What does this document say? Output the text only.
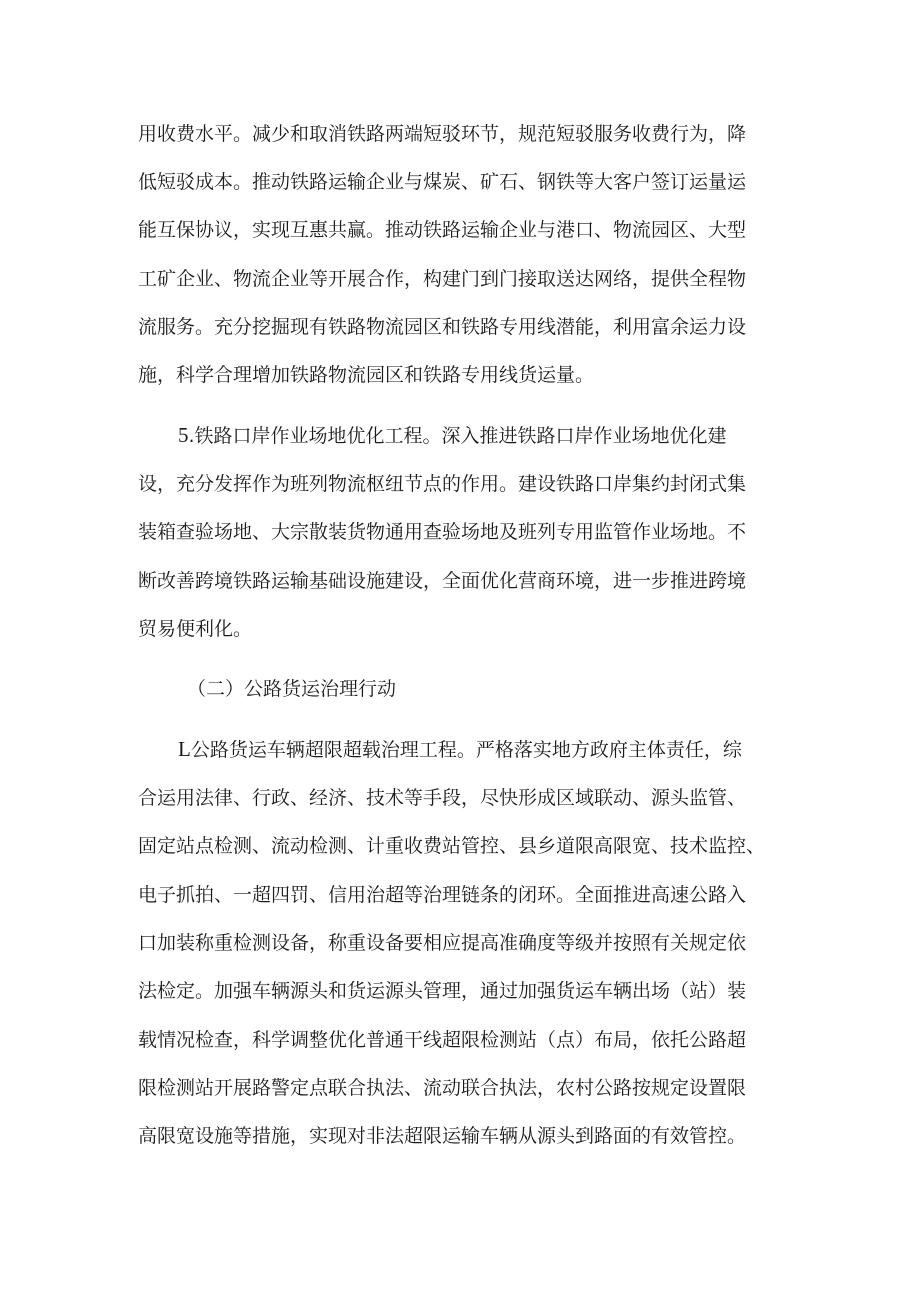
用收费水平。减少和取消铁路两端短驳环节，规范短驳服务收费行为，降

低短驳成本。推动铁路运输企业与煤炭、矿石、钢铁等大客户签订运量运

能互保协议，实现互惠共赢。推动铁路运输企业与港口、物流园区、大型

工矿企业、物流企业等开展合作，构建门到门接取送达网络，提供全程物

流服务。充分挖掘现有铁路物流园区和铁路专用线潜能，利用富余运力设

施，科学合理增加铁路物流园区和铁路专用线货运量。

5.铁路口岸作业场地优化工程。深入推进铁路口岸作业场地优化建

设，充分发挥作为班列物流枢纽节点的作用。建设铁路口岸集约封闭式集

装箱查验场地、大宗散装货物通用查验场地及班列专用监管作业场地。不

断改善跨境铁路运输基础设施建设，全面优化营商环境，进一步推进跨境

贸易便利化。

（二）公路货运治理行动

L公路货运车辆超限超载治理工程。严格落实地方政府主体责任，综

合运用法律、行政、经济、技术等手段，尽快形成区域联动、源头监管、

固定站点检测、流动检测、计重收费站管控、县乡道限高限宽、技术监控、

电子抓拍、一超四罚、信用治超等治理链条的闭环。全面推进高速公路入

口加装称重检测设备，称重设备要相应提高准确度等级并按照有关规定依

法检定。加强车辆源头和货运源头管理，通过加强货运车辆出场（站）装

载情况检查，科学调整优化普通干线超限检测站（点）布局，依托公路超

限检测站开展路警定点联合执法、流动联合执法，农村公路按规定设置限

高限宽设施等措施，实现对非法超限运输车辆从源头到路面的有效管控。
